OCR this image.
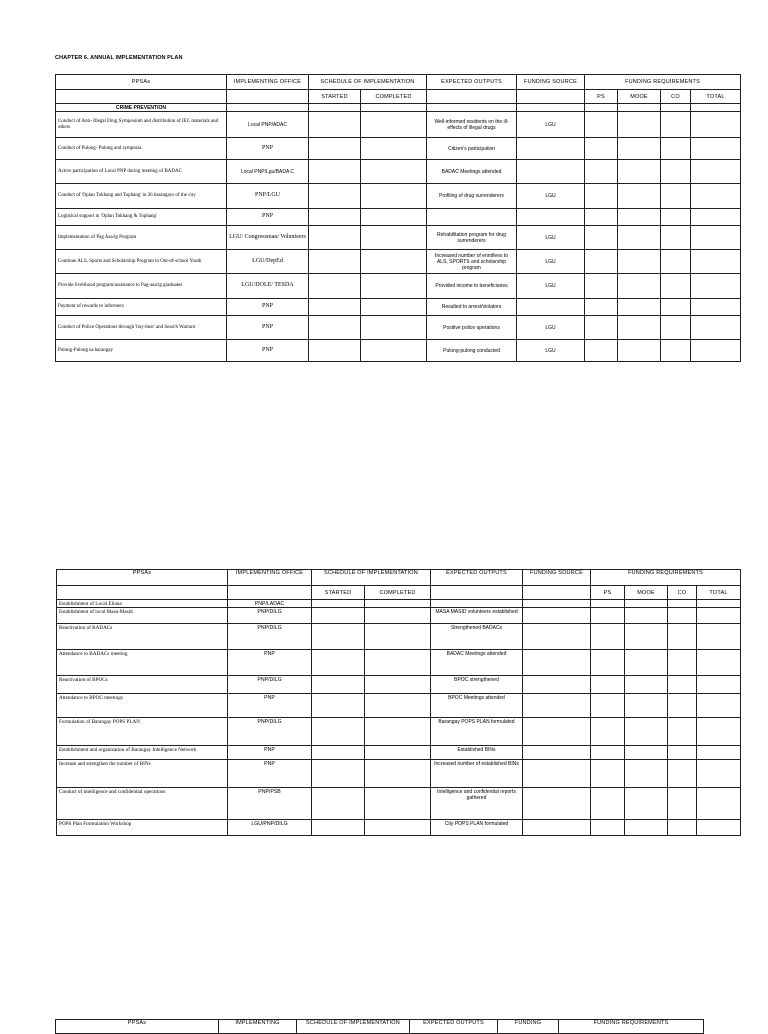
CHAPTER 6. ANNUAL IMPLEMENTATION PLAN
PPSAs	IMPLEMENTING OFFICE	SCHEDULE OF IMPLEMENTATION		EXPECTED OUTPUTS	FUNDING SOURCE	FUNDING REQUIREMENTS			
		STARTED	COMPLETED			PS	MOOE	CO	TOTAL
CRIME PREVENTION									
Conduct of Anti- Illegal Drug Symposium and distribution of IEC materials and others	Local PNP/ADAC			Well-informed residents on the ill-effects of illegal drugs	LGU				
Conduct of Pulong- Pulong and symposia	PNP			Citizen's participation					
Active participation of Local PNP during meeting of BADAC	Local PNP/Lgu/BADA C			BADAC Meetings attended					
Conduct of 'Oplan Tokhang and Tophang' in 26 barangays of the city	PNP/LGU			Profiling of drug surrenderers	LGU				
Logistical support in 'Oplan Tokhang & Tophang'	PNP								
Implementation of Pag Asa/ig Program	LGU/ Congressman/ Volunteers			Rehabilitation program for drug surrenderers	LGU				
Continue ALS, Sports and Scholarship Program to Out-of-school Youth	LGU/DepEd			Increased number of enrollees to ALS, SPORTS and scholarship program	LGU				
Provide livelihood program/assistance to Pag-asa/ig graduates	LGU/DOLE/ TESDA			Provided income to beneficiaries	LGU				
Payment of rewards to informers	PNP			Resulted to arrest/violators					
Conduct of Police Operations through 'buy-bust' and Search Warrant	PNP			Positive police operations	LGU				
Pulong-Pulong sa barangay	PNP			Pulong-pulong conducted	LGU				
PPSAs	IMPLEMENTING OFFICE	SCHEDULE OF IMPLEMENTATION		EXPECTED OUTPUTS	FUNDING SOURCE	FUNDING REQUIREMENTS			
		STARTED	COMPLETED			PS	MOOE	CO	TOTAL
Establishment of Local Eliana	PNP/LADAC								
Establishment of local Masa-Masid	PNP/DILG			MASA MASID volunteers established					
Reactivation of BADACs	PNP/DILG			Strengthened BADACs					
Attendance to BADACs meeting	PNP			BADAC Meetings attended					
Reactivation of BPOCs	PNP/DILG			BPOC strengthened					
Attendance to BPOC meetings	PNP			BPOC Meetings attended					
Formulation of Barangay POPS PLAN	PNP/DILG			Barangay POPS PLAN formulated					
Establishment and organization of Barangay Intelligence Network	PNP			Established BINs					
Increase and strengthen the number of BINs	PNP			Increased number of established BINs					
Conduct of intelligence and confidential operations	PNP/PSB			Intelligence and confidential reports gathered					
POPS Plan Formulation Workshop	LGU/PNP/DILG			City POPS PLAN formulated					
PPSAs	IMPLEMENTING	SCHEDULE OF IMPLEMENTATION	EXPECTED OUTPUTS	FUNDING	FUNDING REQUIREMENTS
